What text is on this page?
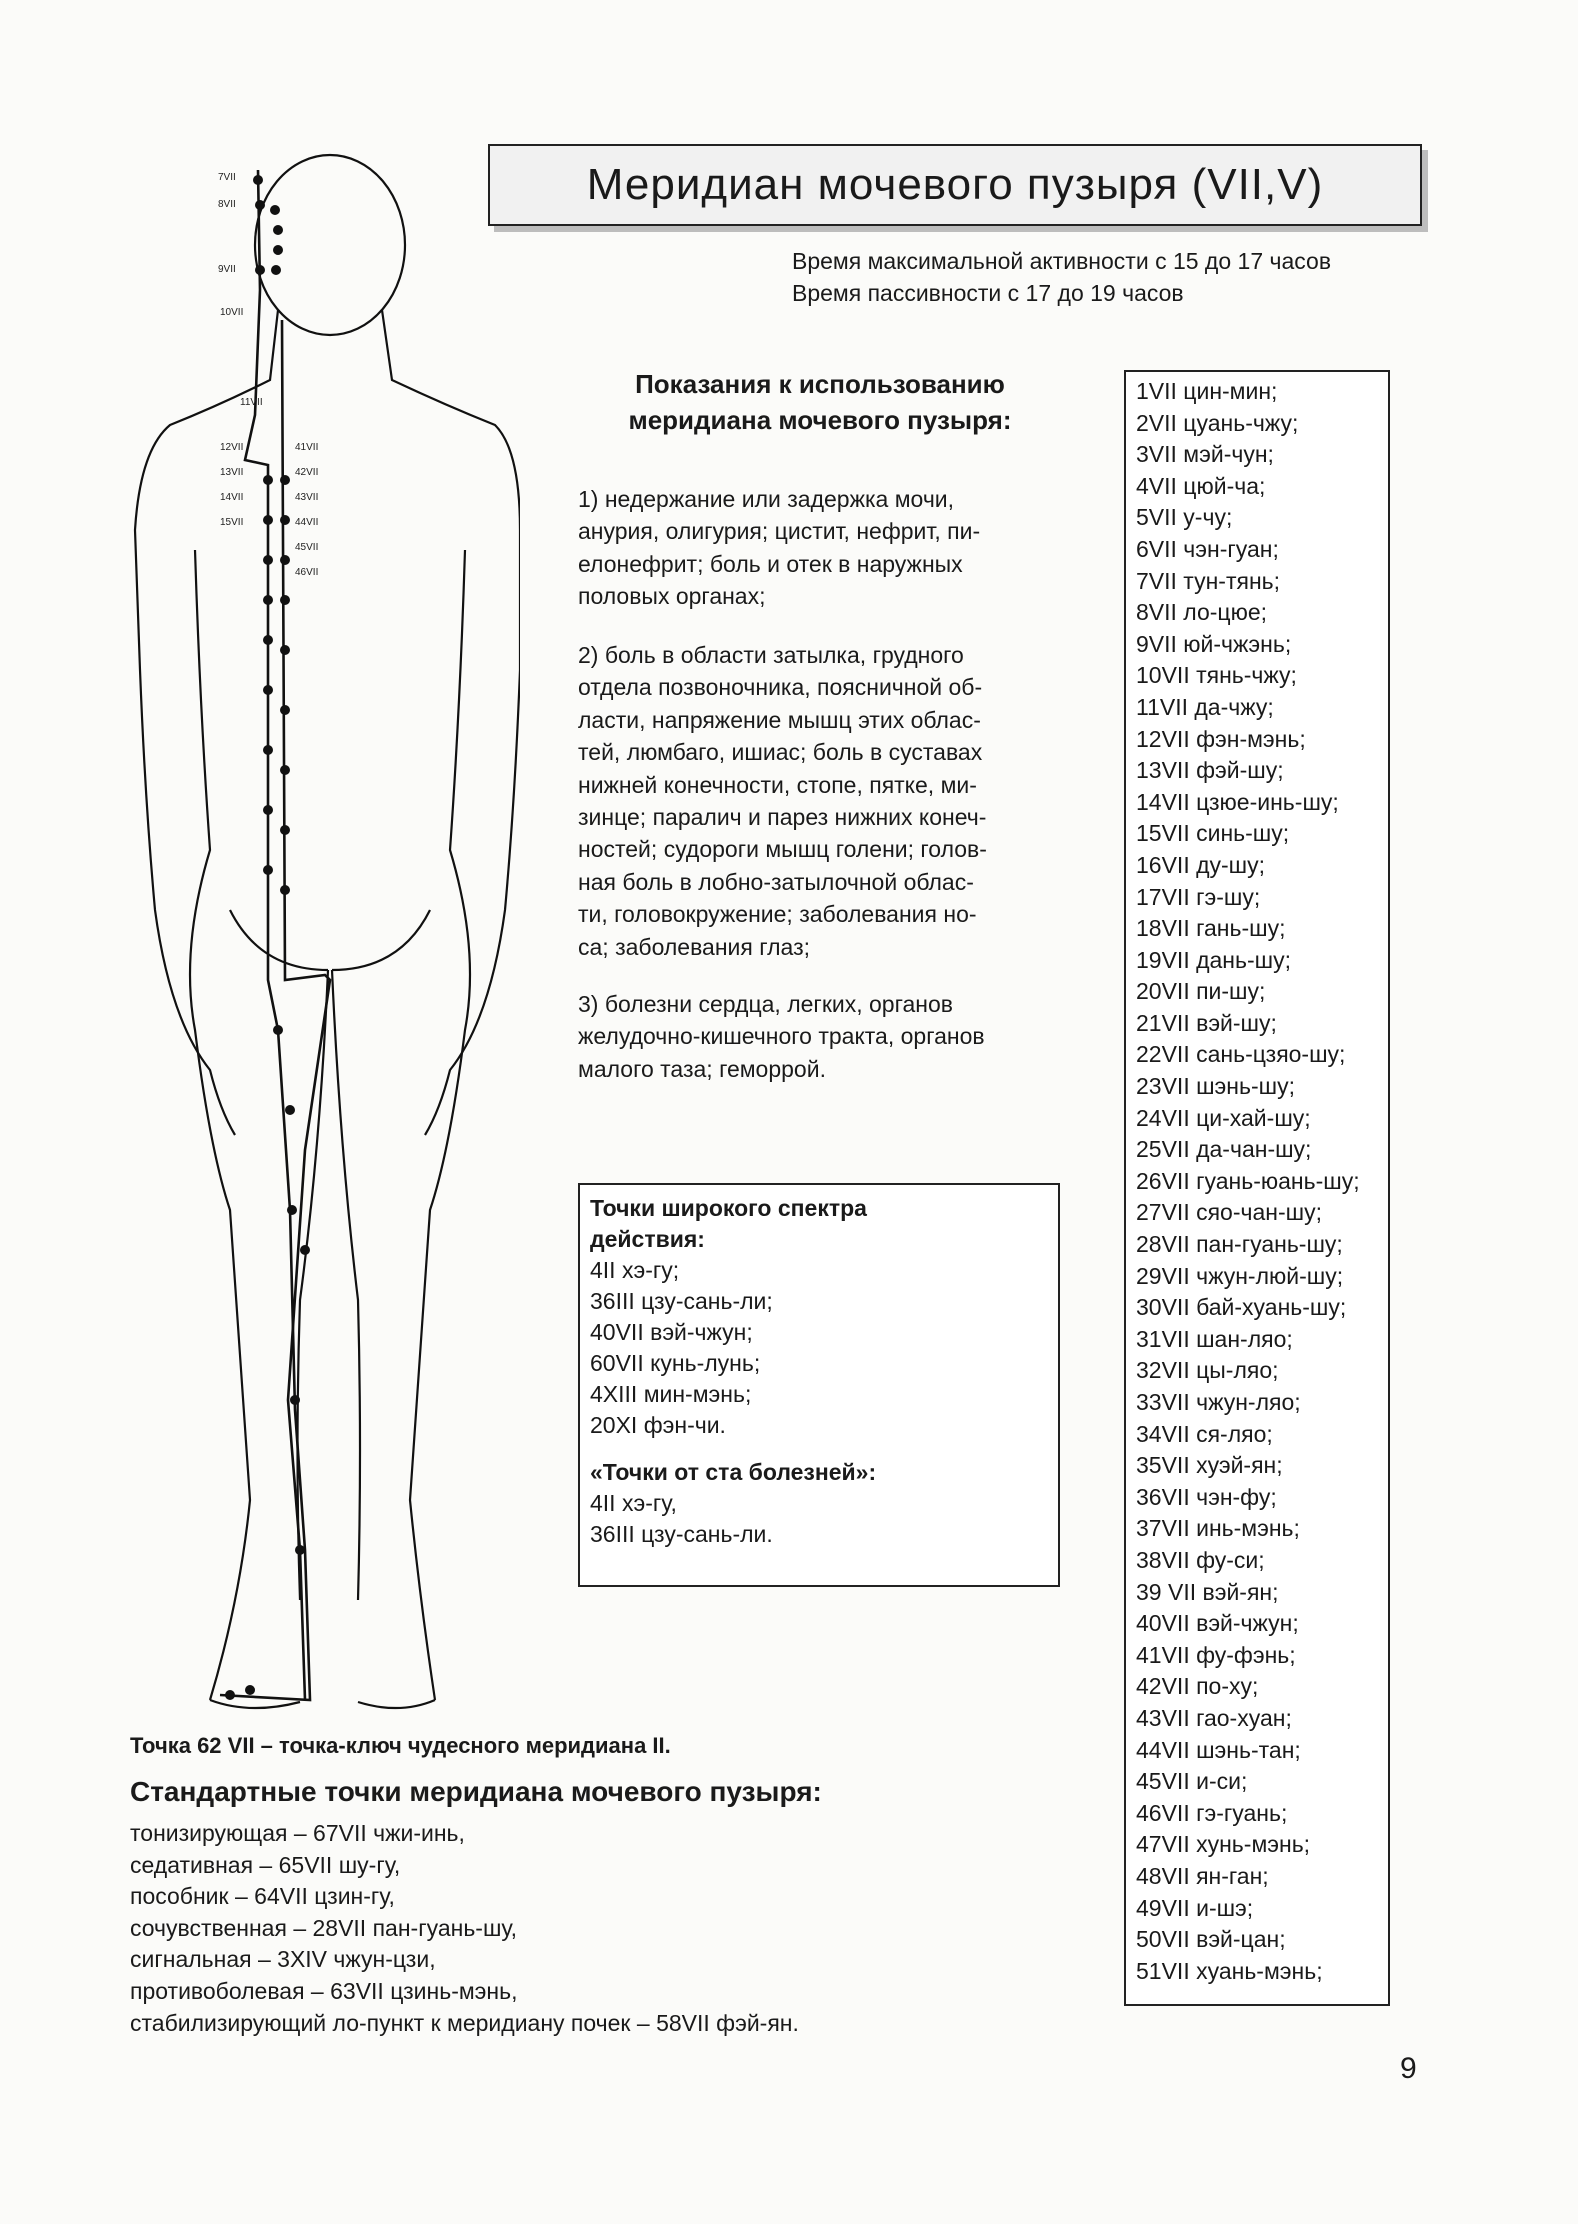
7VII
8VII
9VII
10VII
11VII
12VII
13VII
14VII
15VII
41VII
42VII
43VII
44VII
45VII
46VII
Меридиан мочевого пузыря (VII,V)
Время максимальной активности с 15 до 17 часов
Время пассивности с 17 до 19 часов
Показания к использованию
меридиана мочевого пузыря:
1) недержание или задержка мочи,
анурия, олигурия; цистит, нефрит, пи-
елонефрит; боль и отек в наружных
половых органах;
2) боль в области затылка, грудного
отдела позвоночника, поясничной об-
ласти, напряжение мышц этих облас-
тей, люмбаго, ишиас; боль в суставах
нижней конечности, стопе, пятке, ми-
зинце; паралич и парез нижних конеч-
ностей; судороги мышц голени; голов-
ная боль в лобно-затылочной облас-
ти, головокружение; заболевания но-
са; заболевания глаз;
3) болезни сердца, легких, органов
желудочно-кишечного тракта, органов
малого таза; геморрой.
1VII цин-мин;
2VII цуань-чжу;
3VII мэй-чун;
4VII цюй-ча;
5VII у-чу;
6VII чэн-гуан;
7VII тун-тянь;
8VII ло-цюе;
9VII юй-чжэнь;
10VII тянь-чжу;
11VII да-чжу;
12VII фэн-мэнь;
13VII фэй-шу;
14VII цзюе-инь-шу;
15VII синь-шу;
16VII ду-шу;
17VII гэ-шу;
18VII гань-шу;
19VII дань-шу;
20VII пи-шу;
21VII вэй-шу;
22VII сань-цзяо-шу;
23VII шэнь-шу;
24VII ци-хай-шу;
25VII да-чан-шу;
26VII гуань-юань-шу;
27VII сяо-чан-шу;
28VII пан-гуань-шу;
29VII чжун-люй-шу;
30VII бай-хуань-шу;
31VII шан-ляо;
32VII цы-ляо;
33VII чжун-ляо;
34VII ся-ляо;
35VII хуэй-ян;
36VII чэн-фу;
37VII инь-мэнь;
38VII фу-си;
39 VII вэй-ян;
40VII вэй-чжун;
41VII фу-фэнь;
42VII по-ху;
43VII гао-хуан;
44VII шэнь-тан;
45VII и-си;
46VII гэ-гуань;
47VII хунь-мэнь;
48VII ян-ган;
49VII и-шэ;
50VII вэй-цан;
51VII хуань-мэнь;
Точки широкого спектра
действия:
4II хэ-гу;
36III цзу-сань-ли;
40VII вэй-чжун;
60VII кунь-лунь;
4XIII мин-мэнь;
20XI фэн-чи.
«Точки от ста болезней»:
4II хэ-гу,
36III цзу-сань-ли.
Точка 62 VII – точка-ключ чудесного меридиана II.
Стандартные точки меридиана мочевого пузыря:
тонизирующая – 67VII чжи-инь,
седативная – 65VII шу-гу,
пособник – 64VII цзин-гу,
сочувственная – 28VII пан-гуань-шу,
сигнальная – 3XIV чжун-цзи,
противоболевая – 63VII цзинь-мэнь,
стабилизирующий ло-пункт к меридиану почек – 58VII фэй-ян.
9
